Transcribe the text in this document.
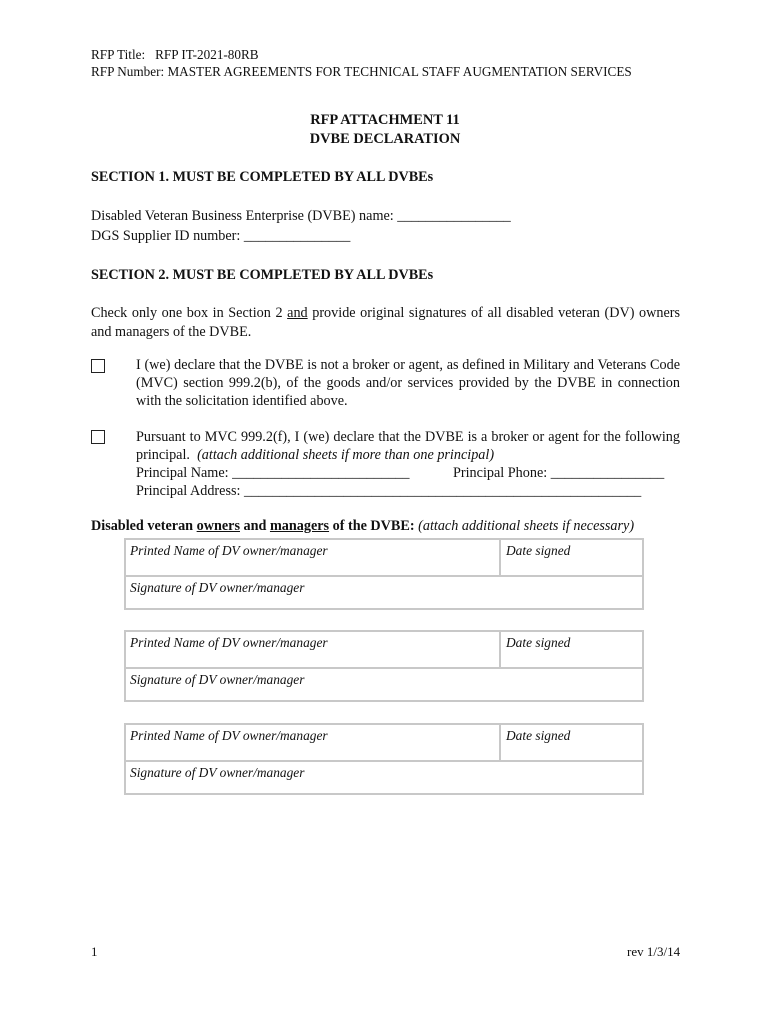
RFP Title: RFP IT-2021-80RB
RFP Number: MASTER AGREEMENTS FOR TECHNICAL STAFF AUGMENTATION SERVICES
RFP ATTACHMENT 11
DVBE DECLARATION
SECTION 1. MUST BE COMPLETED BY ALL DVBEs
Disabled Veteran Business Enterprise (DVBE) name: ________________
DGS Supplier ID number: _______________
SECTION 2. MUST BE COMPLETED BY ALL DVBEs
Check only one box in Section 2 and provide original signatures of all disabled veteran (DV) owners and managers of the DVBE.
I (we) declare that the DVBE is not a broker or agent, as defined in Military and Veterans Code (MVC) section 999.2(b), of the goods and/or services provided by the DVBE in connection with the solicitation identified above.
Pursuant to MVC 999.2(f), I (we) declare that the DVBE is a broker or agent for the following principal. (attach additional sheets if more than one principal)
Principal Name: _________________________	Principal Phone: ________________
Principal Address: ________________________________________________________
Disabled veteran owners and managers of the DVBE: (attach additional sheets if necessary)
Printed Name of DV owner/manager	Date signed
Signature of DV owner/manager
Printed Name of DV owner/manager	Date signed
Signature of DV owner/manager
Printed Name of DV owner/manager	Date signed
Signature of DV owner/manager
1	rev 1/3/14
